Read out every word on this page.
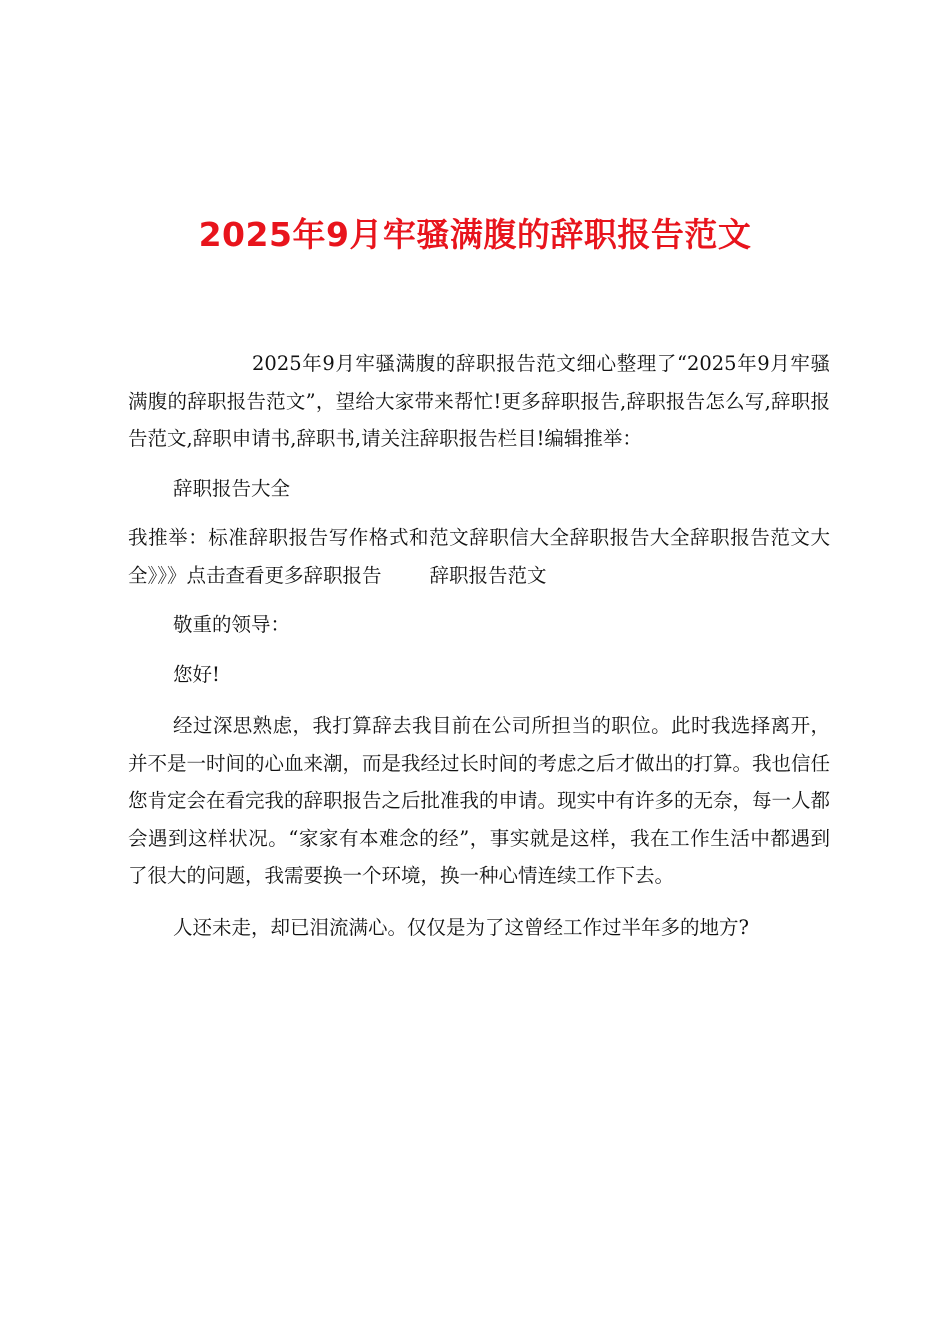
2025年9月牢骚满腹的辞职报告范文

2025年9月牢骚满腹的辞职报告范文细心整理了“2025年9月牢骚满腹的辞职报告范文”，望给大家带来帮忙!更多辞职报告,辞职报告怎么写,辞职报告范文,辞职申请书,辞职书,请关注辞职报告栏目!编辑推举：

辞职报告大全

我推举：标准辞职报告写作格式和范文辞职信大全辞职报告大全辞职报告范文大全》》》点击查看更多辞职报告 辞职报告范文

敬重的领导：

您好!

经过深思熟虑，我打算辞去我目前在公司所担当的职位。此时我选择离开，并不是一时间的心血来潮，而是我经过长时间的考虑之后才做出的打算。我也信任您肯定会在看完我的辞职报告之后批准我的申请。现实中有许多的无奈，每一人都会遇到这样状况。“家家有本难念的经”，事实就是这样，我在工作生活中都遇到了很大的问题，我需要换一个环境，换一种心情连续工作下去。

人还未走，却已泪流满心。仅仅是为了这曾经工作过半年多的地方?
